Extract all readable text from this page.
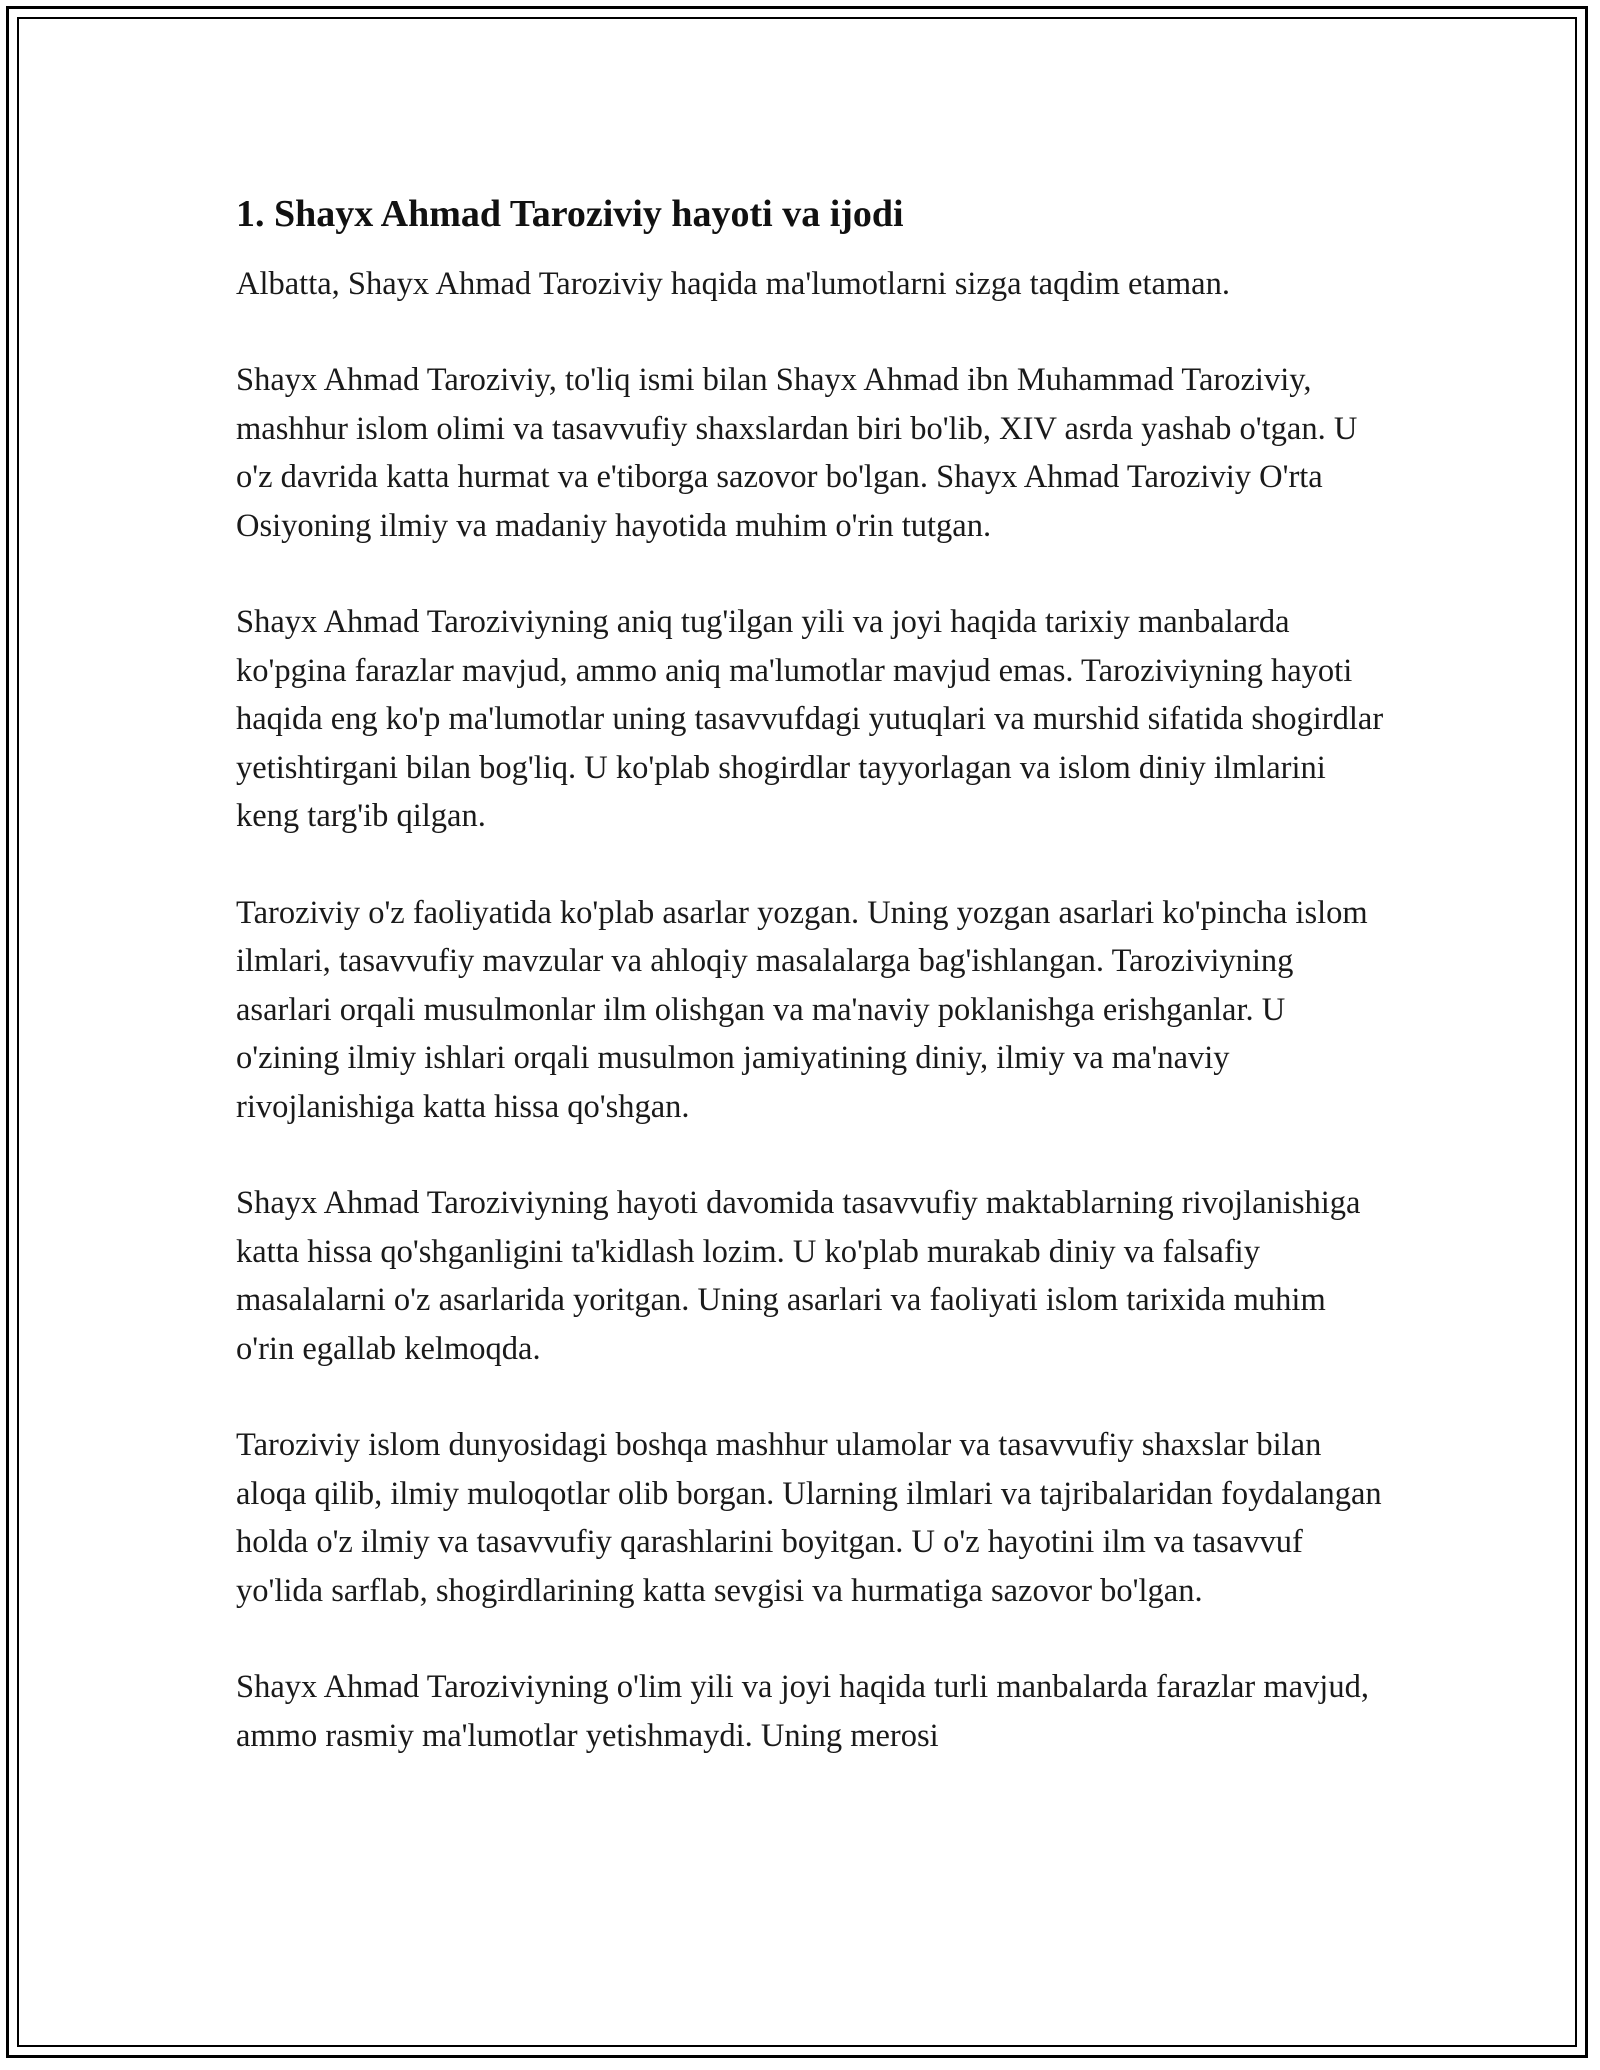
1. Shayx Ahmad Taroziviy hayoti va ijodi

Albatta, Shayx Ahmad Taroziviy haqida ma'lumotlarni sizga taqdim etaman.

Shayx Ahmad Taroziviy, to'liq ismi bilan Shayx Ahmad ibn Muhammad Taroziviy, mashhur islom olimi va tasavvufiy shaxslardan biri bo'lib, XIV asrda yashab o'tgan. U o'z davrida katta hurmat va e'tiborga sazovor bo'lgan. Shayx Ahmad Taroziviy O'rta Osiyoning ilmiy va madaniy hayotida muhim o'rin tutgan.

Shayx Ahmad Taroziviyning aniq tug'ilgan yili va joyi haqida tarixiy manbalarda ko'pgina farazlar mavjud, ammo aniq ma'lumotlar mavjud emas. Taroziviyning hayoti haqida eng ko'p ma'lumotlar uning tasavvufdagi yutuqlari va murshid sifatida shogirdlar yetishtirgani bilan bog'liq. U ko'plab shogirdlar tayyorlagan va islom diniy ilmlarini keng targ'ib qilgan.

Taroziviy o'z faoliyatida ko'plab asarlar yozgan. Uning yozgan asarlari ko'pincha islom ilmlari, tasavvufiy mavzular va ahloqiy masalalarga bag'ishlangan. Taroziviyning asarlari orqali musulmonlar ilm olishgan va ma'naviy poklanishga erishganlar. U o'zining ilmiy ishlari orqali musulmon jamiyatining diniy, ilmiy va ma'naviy rivojlanishiga katta hissa qo'shgan.

Shayx Ahmad Taroziviyning hayoti davomida tasavvufiy maktablarning rivojlanishiga katta hissa qo'shganligini ta'kidlash lozim. U ko'plab murakab diniy va falsafiy masalalarni o'z asarlarida yoritgan. Uning asarlari va faoliyati islom tarixida muhim o'rin egallab kelmoqda.

Taroziviy islom dunyosidagi boshqa mashhur ulamolar va tasavvufiy shaxslar bilan aloqa qilib, ilmiy muloqotlar olib borgan. Ularning ilmlari va tajribalaridan foydalangan holda o'z ilmiy va tasavvufiy qarashlarini boyitgan. U o'z hayotini ilm va tasavvuf yo'lida sarflab, shogirdlarining katta sevgisi va hurmatiga sazovor bo'lgan.

Shayx Ahmad Taroziviyning o'lim yili va joyi haqida turli manbalarda farazlar mavjud, ammo rasmiy ma'lumotlar yetishmaydi. Uning merosi
